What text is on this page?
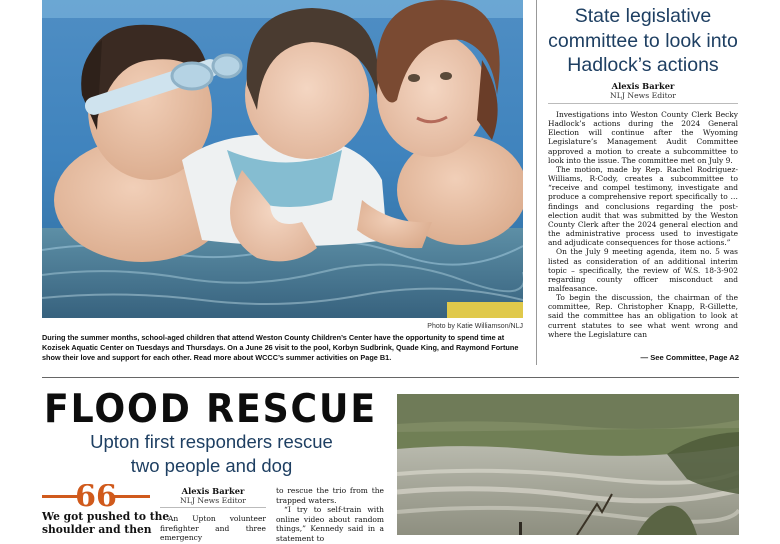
Photo by Katie Williamson/NLJ
During the summer months, school-aged children that attend Weston County Children’s Center have the opportunity to spend time at Kozisek Aquatic Center on Tuesdays and Thursdays. On a June 26 visit to the pool, Korbyn Sudbrink, Quade King, and Raymond Fortune show their love and support for each other. Read more about WCCC’s summer activities on Page B1.
State legislative
committee to look into
Hadlock’s actions
Alexis Barker
NLJ News Editor

Investigations into Weston County Clerk Becky Hadlock’s actions during the 2024 General Election will continue after the Wyoming Legislature’s Management Audit Committee approved a motion to create a subcommittee to look into the issue. The committee met on July 9.

The motion, made by Rep. Rachel Rodriguez-Williams, R-Cody, creates a subcommittee to “receive and compel testimony, investigate and produce a comprehensive report specifically to … findings and conclusions regarding the post-election audit that was submitted by the Weston County Clerk after the 2024 general election and the administrative process used to investigate and adjudicate consequences for those actions.”

On the July 9 meeting agenda, item no. 5 was listed as consideration of an additional interim topic – specifically, the review of W.S. 18-3-902 regarding county officer misconduct and malfeasance.

To begin the discussion, the chairman of the committee, Rep. Christopher Knapp, R-Gillette, said the committee has an obligation to look at current statutes to see what went wrong and where the Legislature can

— See Committee, Page A2
FLOOD RESCUE
Upton first responders rescue
two people and dog
66
We got pushed to the
shoulder and then
Alexis Barker
NLJ News Editor

An Upton volunteer firefighter and three emergency

to rescue the trio from the trapped waters.

“I try to self-train with online video about random things,” Kennedy said in a statement to
